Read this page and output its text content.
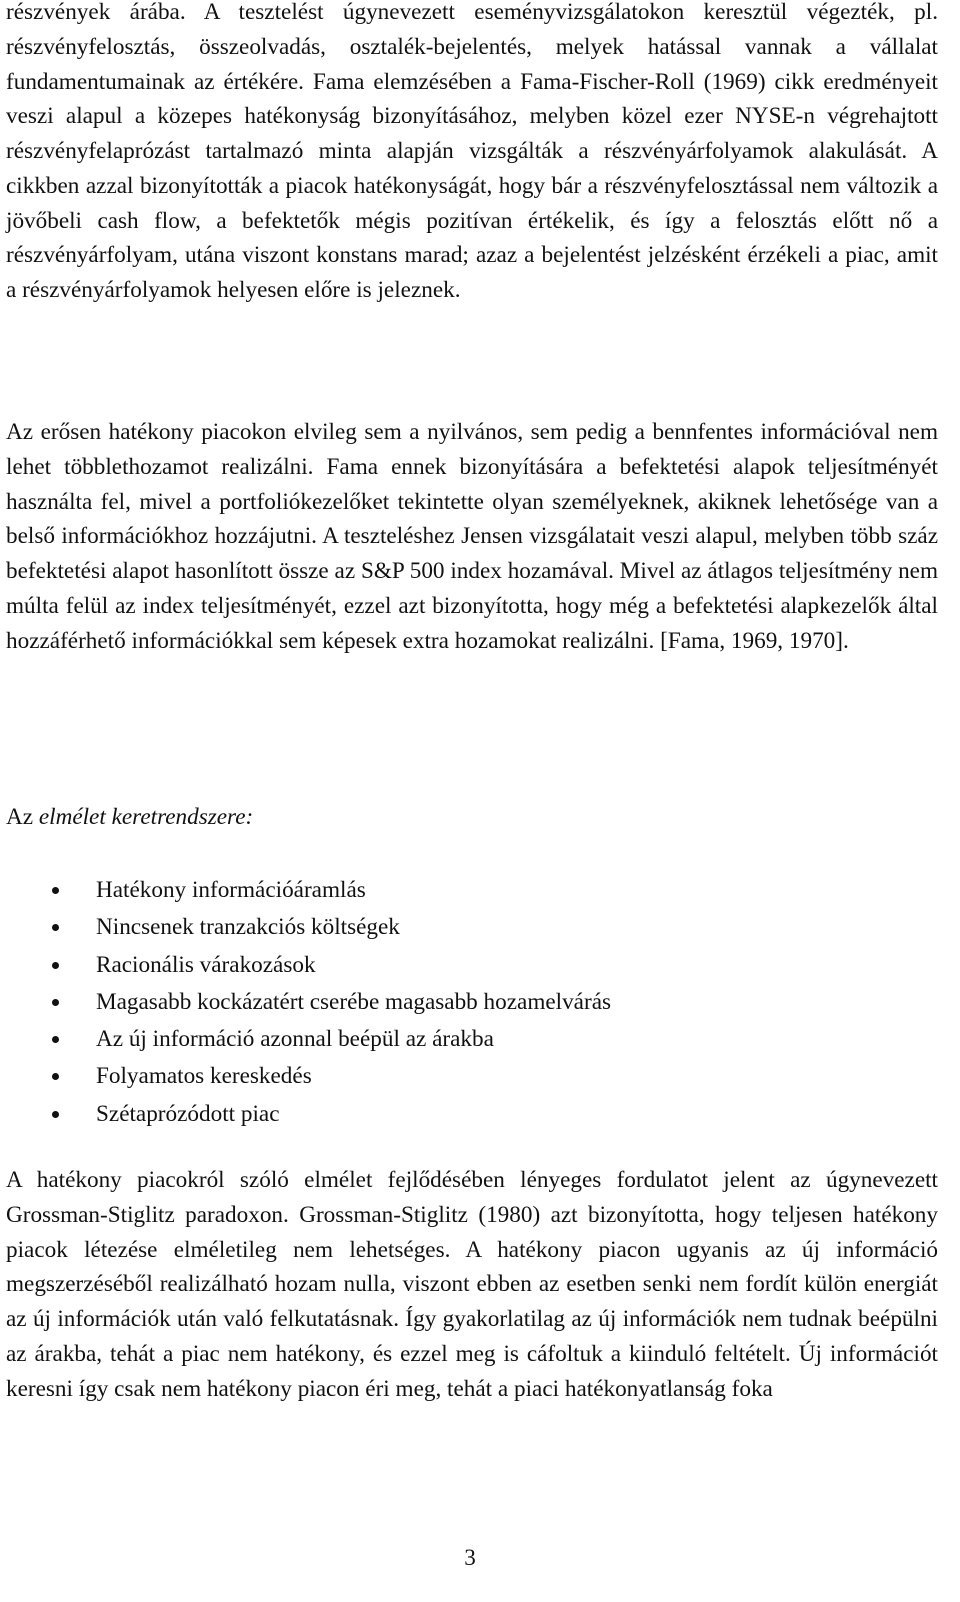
részvények árába. A tesztelést úgynevezett eseményvizsgálatokon keresztül végezték, pl. részvényfelosztás, összeolvadás, osztalék-bejelentés, melyek hatással vannak a vállalat fundamentumainak az értékére. Fama elemzésében a Fama-Fischer-Roll (1969) cikk eredményeit veszi alapul a közepes hatékonyság bizonyításához, melyben közel ezer NYSE-n végrehajtott részvényfelaprózást tartalmazó minta alapján vizsgálták a részvényárfolyamok alakulását. A cikkben azzal bizonyították a piacok hatékonyságát, hogy bár a részvényfelosztással nem változik a jövőbeli cash flow, a befektetők mégis pozitívan értékelik, és így a felosztás előtt nő a részvényárfolyam, utána viszont konstans marad; azaz a bejelentést jelzésként érzékeli a piac, amit a részvényárfolyamok helyesen előre is jeleznek.

Az erősen hatékony piacokon elvileg sem a nyilvános, sem pedig a bennfentes információval nem lehet többlethozamot realizálni. Fama ennek bizonyítására a befektetési alapok teljesítményét használta fel, mivel a portfoliókezelőket tekintette olyan személyeknek, akiknek lehetősége van a belső információkhoz hozzájutni. A teszteléshez Jensen vizsgálatait veszi alapul, melyben több száz befektetési alapot hasonlított össze az S&P 500 index hozamával. Mivel az átlagos teljesítmény nem múlta felül az index teljesítményét, ezzel azt bizonyította, hogy még a befektetési alapkezelők által hozzáférhető információkkal sem képesek extra hozamokat realizálni. [Fama, 1969, 1970].

Az elmélet keretrendszere:

Hatékony információáramlás
Nincsenek tranzakciós költségek
Racionális várakozások
Magasabb kockázatért cserébe magasabb hozamelvárás
Az új információ azonnal beépül az árakba
Folyamatos kereskedés
Szétaprózódott piac

A hatékony piacokról szóló elmélet fejlődésében lényeges fordulatot jelent az úgynevezett Grossman-Stiglitz paradoxon. Grossman-Stiglitz (1980) azt bizonyította, hogy teljesen hatékony piacok létezése elméletileg nem lehetséges. A hatékony piacon ugyanis az új információ megszerzéséből realizálható hozam nulla, viszont ebben az esetben senki nem fordít külön energiát az új információk után való felkutatásnak. Így gyakorlatilag az új információk nem tudnak beépülni az árakba, tehát a piac nem hatékony, és ezzel meg is cáfoltuk a kiinduló feltételt. Új információt keresni így csak nem hatékony piacon éri meg, tehát a piaci hatékonyatlanság foka

3
